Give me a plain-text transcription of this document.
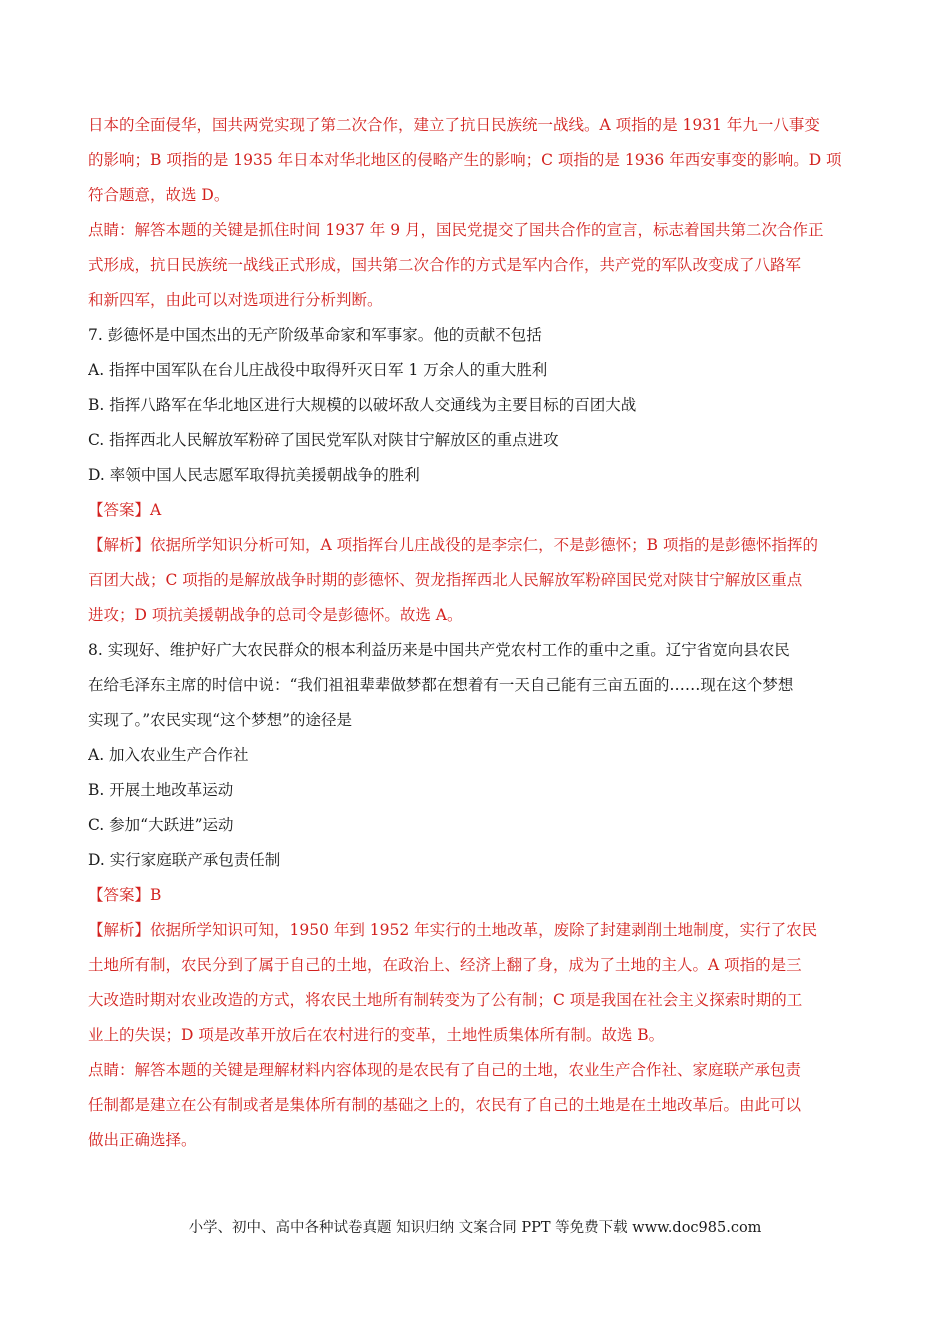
日本的全面侵华，国共两党实现了第二次合作，建立了抗日民族统一战线。A 项指的是 1931 年九一八事变
的影响；B 项指的是 1935 年日本对华北地区的侵略产生的影响；C 项指的是 1936 年西安事变的影响。D 项
符合题意，故选 D。
点睛：解答本题的关键是抓住时间 1937 年 9 月，国民党提交了国共合作的宣言，标志着国共第二次合作正
式形成，抗日民族统一战线正式形成，国共第二次合作的方式是军内合作，共产党的军队改变成了八路军
和新四军，由此可以对选项进行分析判断。
7. 彭德怀是中国杰出的无产阶级革命家和军事家。他的贡献不包括
A. 指挥中国军队在台儿庄战役中取得歼灭日军 1 万余人的重大胜利
B. 指挥八路军在华北地区进行大规模的以破坏敌人交通线为主要目标的百团大战
C. 指挥西北人民解放军粉碎了国民党军队对陕甘宁解放区的重点进攻
D. 率领中国人民志愿军取得抗美援朝战争的胜利
【答案】A
【解析】依据所学知识分析可知，A 项指挥台儿庄战役的是李宗仁，不是彭德怀；B 项指的是彭德怀指挥的
百团大战；C 项指的是解放战争时期的彭德怀、贺龙指挥西北人民解放军粉碎国民党对陕甘宁解放区重点
进攻；D 项抗美援朝战争的总司令是彭德怀。故选 A。
8. 实现好、维护好广大农民群众的根本利益历来是中国共产党农村工作的重中之重。辽宁省宽向县农民
在给毛泽东主席的时信中说：“我们祖祖辈辈做梦都在想着有一天自己能有三亩五面的……现在这个梦想
实现了。”农民实现“这个梦想”的途径是
A. 加入农业生产合作社
B. 开展土地改革运动
C. 参加“大跃进”运动
D. 实行家庭联产承包责任制
【答案】B
【解析】依据所学知识可知，1950 年到 1952 年实行的土地改革，废除了封建剥削土地制度，实行了农民
土地所有制，农民分到了属于自己的土地，在政治上、经济上翻了身，成为了土地的主人。A 项指的是三
大改造时期对农业改造的方式，将农民土地所有制转变为了公有制；C 项是我国在社会主义探索时期的工
业上的失误；D 项是改革开放后在农村进行的变革，土地性质集体所有制。故选 B。
点睛：解答本题的关键是理解材料内容体现的是农民有了自己的土地，农业生产合作社、家庭联产承包责
任制都是建立在公有制或者是集体所有制的基础之上的，农民有了自己的土地是在土地改革后。由此可以
做出正确选择。
小学、初中、高中各种试卷真题 知识归纳 文案合同 PPT 等免费下载 www.doc985.com
